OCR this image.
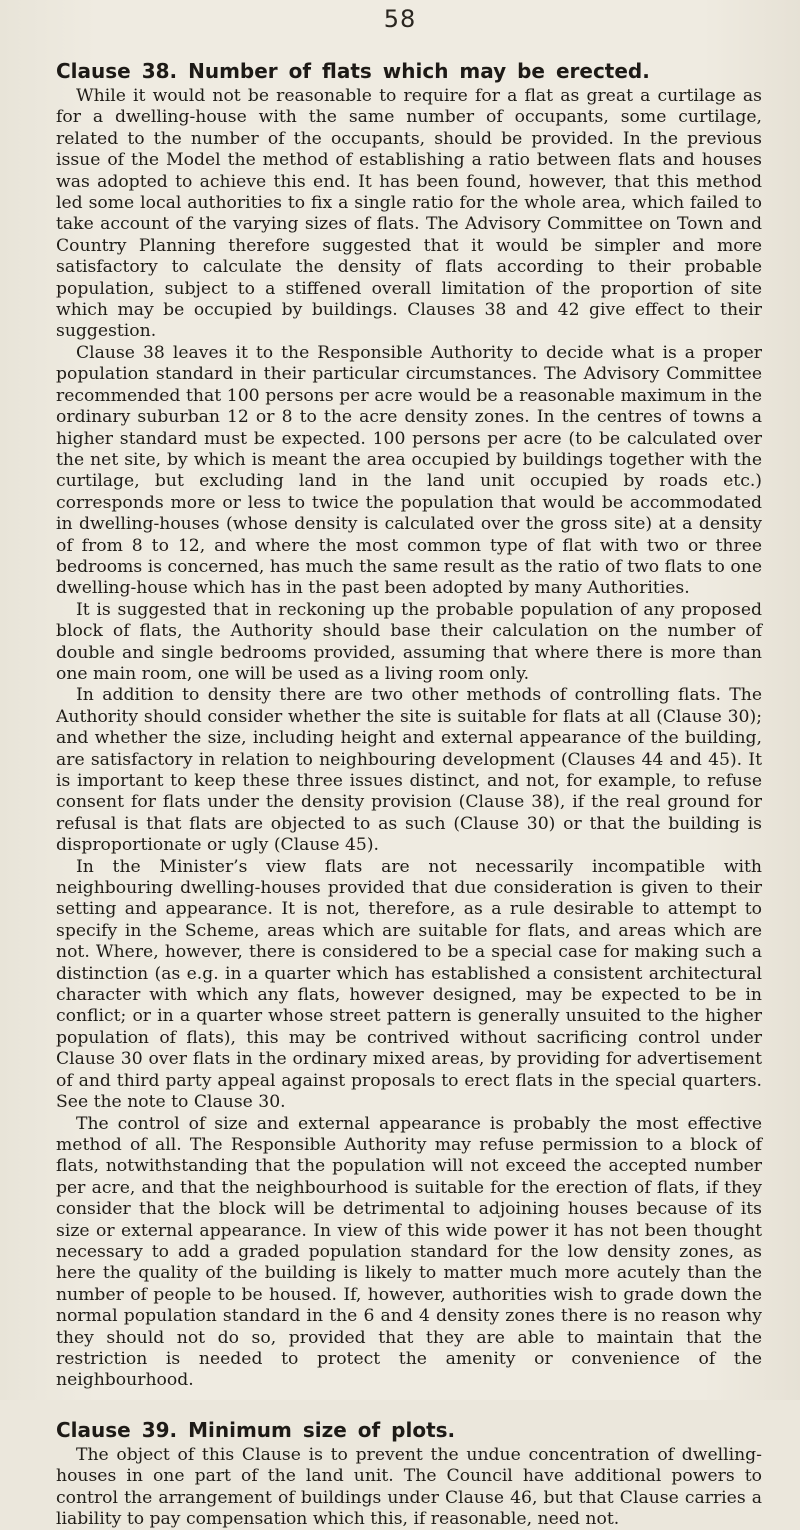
58
Clause 38. Number of flats which may be erected.

While it would not be reasonable to require for a flat as great a curtilage as for a dwelling-house with the same number of occupants, some curtilage, related to the number of the occupants, should be provided. In the previous issue of the Model the method of establishing a ratio between flats and houses was adopted to achieve this end. It has been found, however, that this method led some local authorities to fix a single ratio for the whole area, which failed to take account of the varying sizes of flats. The Advisory Committee on Town and Country Planning therefore suggested that it would be simpler and more satisfactory to calculate the density of flats according to their probable population, subject to a stiffened overall limitation of the proportion of site which may be occupied by buildings. Clauses 38 and 42 give effect to their suggestion.

Clause 38 leaves it to the Responsible Authority to decide what is a proper population standard in their particular circumstances. The Advisory Committee recommended that 100 persons per acre would be a reasonable maximum in the ordinary suburban 12 or 8 to the acre density zones. In the centres of towns a higher standard must be expected. 100 persons per acre (to be calculated over the net site, by which is meant the area occupied by buildings together with the curtilage, but excluding land in the land unit occupied by roads etc.) corresponds more or less to twice the population that would be accommodated in dwelling-houses (whose density is calculated over the gross site) at a density of from 8 to 12, and where the most common type of flat with two or three bedrooms is concerned, has much the same result as the ratio of two flats to one dwelling-house which has in the past been adopted by many Authorities.

It is suggested that in reckoning up the probable population of any proposed block of flats, the Authority should base their calculation on the number of double and single bedrooms provided, assuming that where there is more than one main room, one will be used as a living room only.

In addition to density there are two other methods of controlling flats. The Authority should consider whether the site is suitable for flats at all (Clause 30); and whether the size, including height and external appearance of the building, are satisfactory in relation to neighbouring development (Clauses 44 and 45). It is important to keep these three issues distinct, and not, for example, to refuse consent for flats under the density provision (Clause 38), if the real ground for refusal is that flats are objected to as such (Clause 30) or that the building is disproportionate or ugly (Clause 45).

In the Minister’s view flats are not necessarily incompatible with neighbouring dwelling-houses provided that due consideration is given to their setting and appearance. It is not, therefore, as a rule desirable to attempt to specify in the Scheme, areas which are suitable for flats, and areas which are not. Where, however, there is considered to be a special case for making such a distinction (as e.g. in a quarter which has established a consistent architectural character with which any flats, however designed, may be expected to be in conflict; or in a quarter whose street pattern is generally unsuited to the higher population of flats), this may be contrived without sacrificing control under Clause 30 over flats in the ordinary mixed areas, by providing for advertisement of and third party appeal against proposals to erect flats in the special quarters. See the note to Clause 30.

The control of size and external appearance is probably the most effective method of all. The Responsible Authority may refuse permission to a block of flats, notwithstanding that the population will not exceed the accepted number per acre, and that the neighbourhood is suitable for the erection of flats, if they consider that the block will be detrimental to adjoining houses because of its size or external appearance. In view of this wide power it has not been thought necessary to add a graded population standard for the low density zones, as here the quality of the building is likely to matter much more acutely than the number of people to be housed. If, however, authorities wish to grade down the normal population standard in the 6 and 4 density zones there is no reason why they should not do so, provided that they are able to maintain that the restriction is needed to protect the amenity or convenience of the neighbourhood.

Clause 39. Minimum size of plots.

The object of this Clause is to prevent the undue concentration of dwelling-houses in one part of the land unit. The Council have additional powers to control the arrangement of buildings under Clause 46, but that Clause carries a liability to pay compensation which this, if reasonable, need not.
